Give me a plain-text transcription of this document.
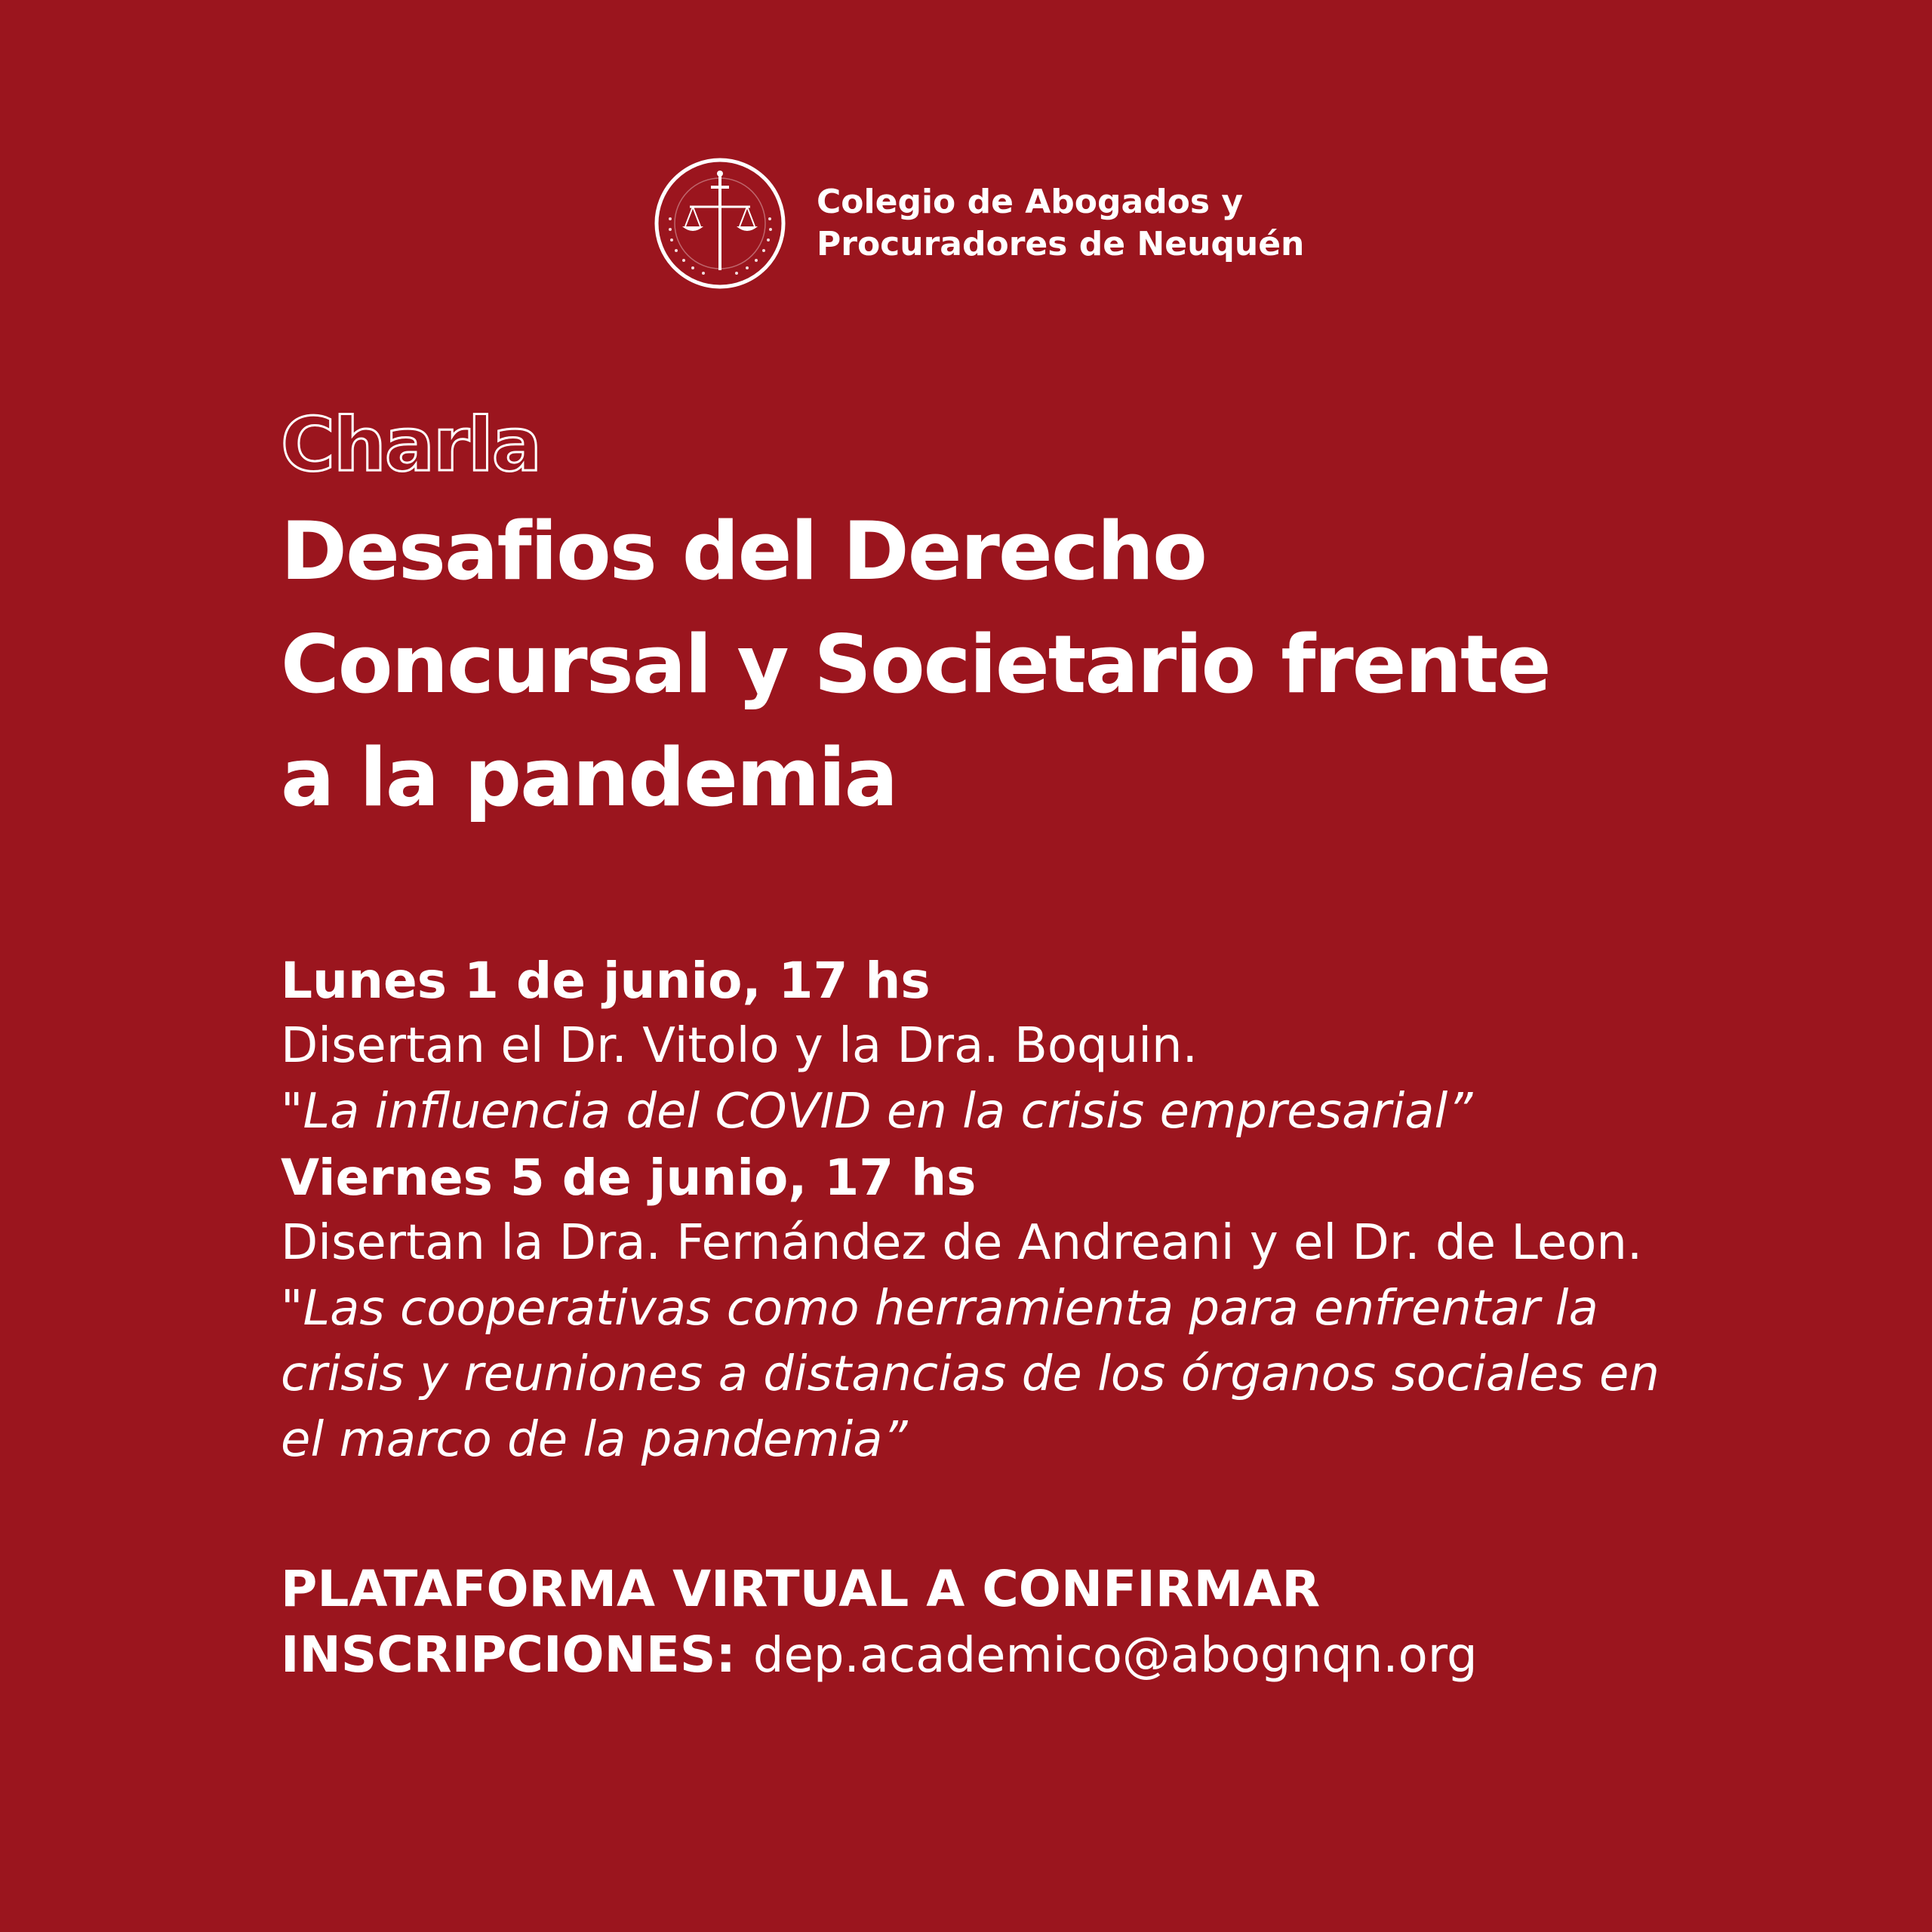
Colegio de Abogados y
Procuradores de Neuquén
Charla
Desafios del Derecho
Concursal y Societario frente
a la pandemia
Lunes 1 de junio, 17 hs
Disertan el Dr. Vitolo y la Dra. Boquin.
"La influencia del COVID en la crisis empresarial”
Viernes 5 de junio, 17 hs
Disertan la Dra. Fernández de Andreani y el Dr. de Leon.
"Las cooperativas como herramienta para enfrentar la crisis y reuniones a distancias de los órganos sociales en el marco de la pandemia”
PLATAFORMA VIRTUAL A CONFIRMAR
INSCRIPCIONES: dep.academico@abognqn.org
